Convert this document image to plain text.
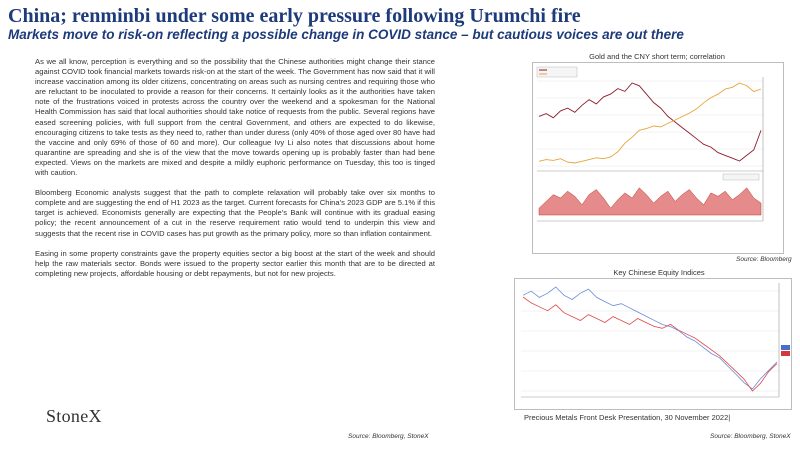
China; renminbi under some early pressure following Urumchi fire
Markets move to risk-on reflecting a possible change in COVID stance – but cautious voices are out there

As we all know, perception is everything and so the possibility that the Chinese authorities might change their stance against COVID took financial markets towards risk-on at the start of the week. The Government has now said that it will increase vaccination among its older citizens, concentrating on areas such as nursing centres and requiring those who are reluctant to be inoculated to provide a reason for their concerns. It certainly looks as it the authorities have taken note of the frustrations voiced in protests across the country over the weekend and a spokesman for the National Health Commission has said that local authorities should take notice of requests from the public. Several regions have eased screening policies, with full support from the central Government, and others are expected to do likewise, encouraging citizens to take tests as they need to, rather than under duress (only 40% of those aged over 80 have had the vaccine and only 69% of those of 60 and more). Our colleague Ivy Li also notes that discussions about home quarantine are spreading and she is of the view that the move towards opening up is probably faster than had bene expected. Views on the markets are mixed and despite a mildly euphoric performance on Tuesday, this too is tinged with caution.

Bloomberg Economic analysts suggest that the path to complete relaxation will probably take over six months to complete and are suggesting the end of H1 2023 as the target. Current forecasts for China’s 2023 GDP are 5.1% if this target is achieved. Economists generally are expecting that the People’s Bank will continue with its gradual easing policy; the recent announcement of a cut in the reserve requirement ratio would tend to underpin this view and suggests that the recent rise in COVID cases has put growth as the primary policy, more so than inflation containment.

Easing in some property constraints gave the property equities sector a big boost at the start of the week and should help the raw materials sector. Bonds were issued to the property sector earlier this month that are to be directed at completing new projects, affordable housing or debt repayments, but not for new projects.

Gold and the CNY short term; correlation
Source: Bloomberg
Key Chinese Equity Indices
StoneX	Precious Metals Front Desk Presentation, 30 November 2022|
Source: Bloomberg, StoneX	Source: Bloomberg, StoneX
